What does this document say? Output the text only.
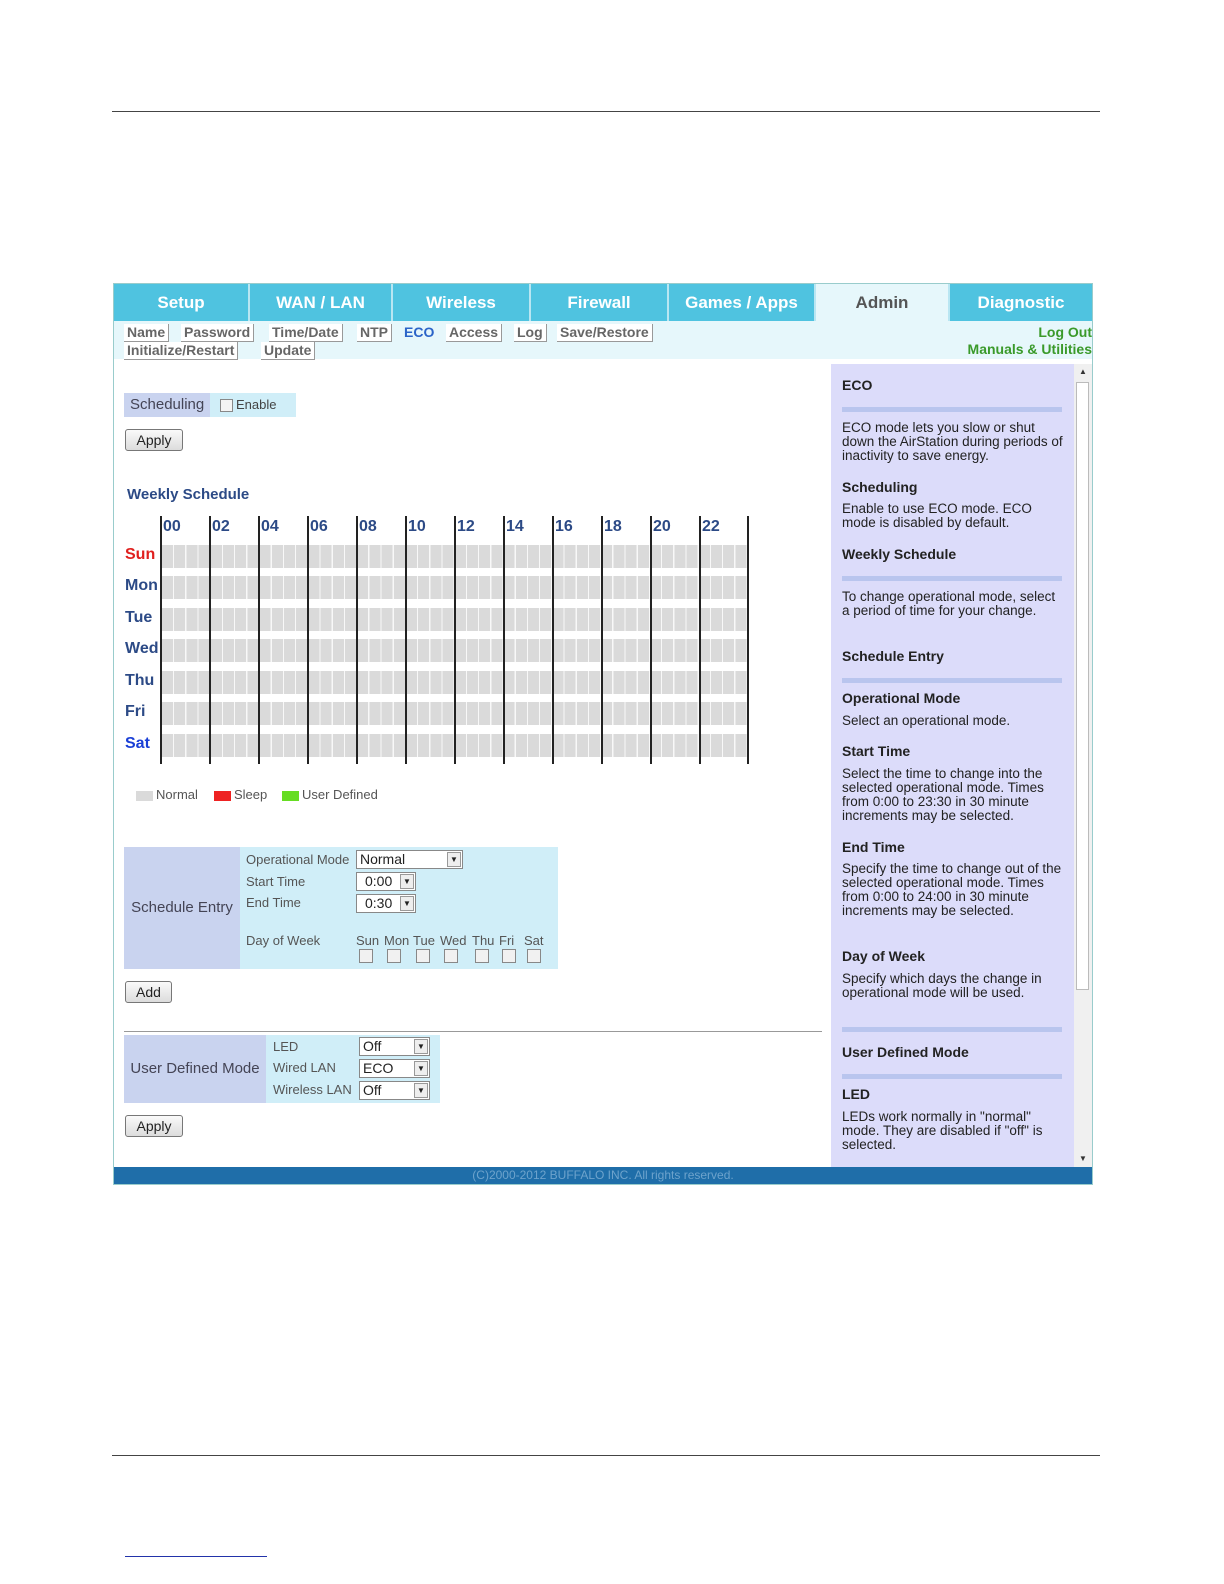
Setup	WAN / LAN	Wireless	Firewall	Games / Apps	Admin	Diagnostic
Name Password Time/Date NTP ECO Access Log Save/Restore
Initialize/Restart Update
Log Out
Manuals & Utilities
Scheduling	Enable
Apply
Weekly Schedule
00 02 04 06 08 10 12 14 16 18 20 22
Sun
Mon
Tue
Wed
Thu
Fri
Sat
Normal	Sleep	User Defined
Schedule Entry
Operational Mode Normal	▼
Start Time	0:00	▼
End Time	0:30	▼
Day of Week	Sun Mon Tue Wed Thu Fri Sat
Add
User Defined Mode
LED	Off	▼
Wired LAN ECO	▼
Wireless LAN Off	▼
Apply
ECO
ECO mode lets you slow or shut down the AirStation during periods of inactivity to save energy.
Scheduling
Enable to use ECO mode. ECO mode is disabled by default.
Weekly Schedule
To change operational mode, select a period of time for your change.
Schedule Entry
Operational Mode
Select an operational mode.
Start Time
Select the time to change into the selected operational mode. Times from 0:00 to 23:30 in 30 minute increments may be selected.
End Time
Specify the time to change out of the selected operational mode. Times from 0:00 to 24:00 in 30 minute increments may be selected.
Day of Week
Specify which days the change in operational mode will be used.
User Defined Mode
LED
LEDs work normally in "normal" mode. They are disabled if "off" is selected.
▲
▼
(C)2000-2012 BUFFALO INC. All rights reserved.
